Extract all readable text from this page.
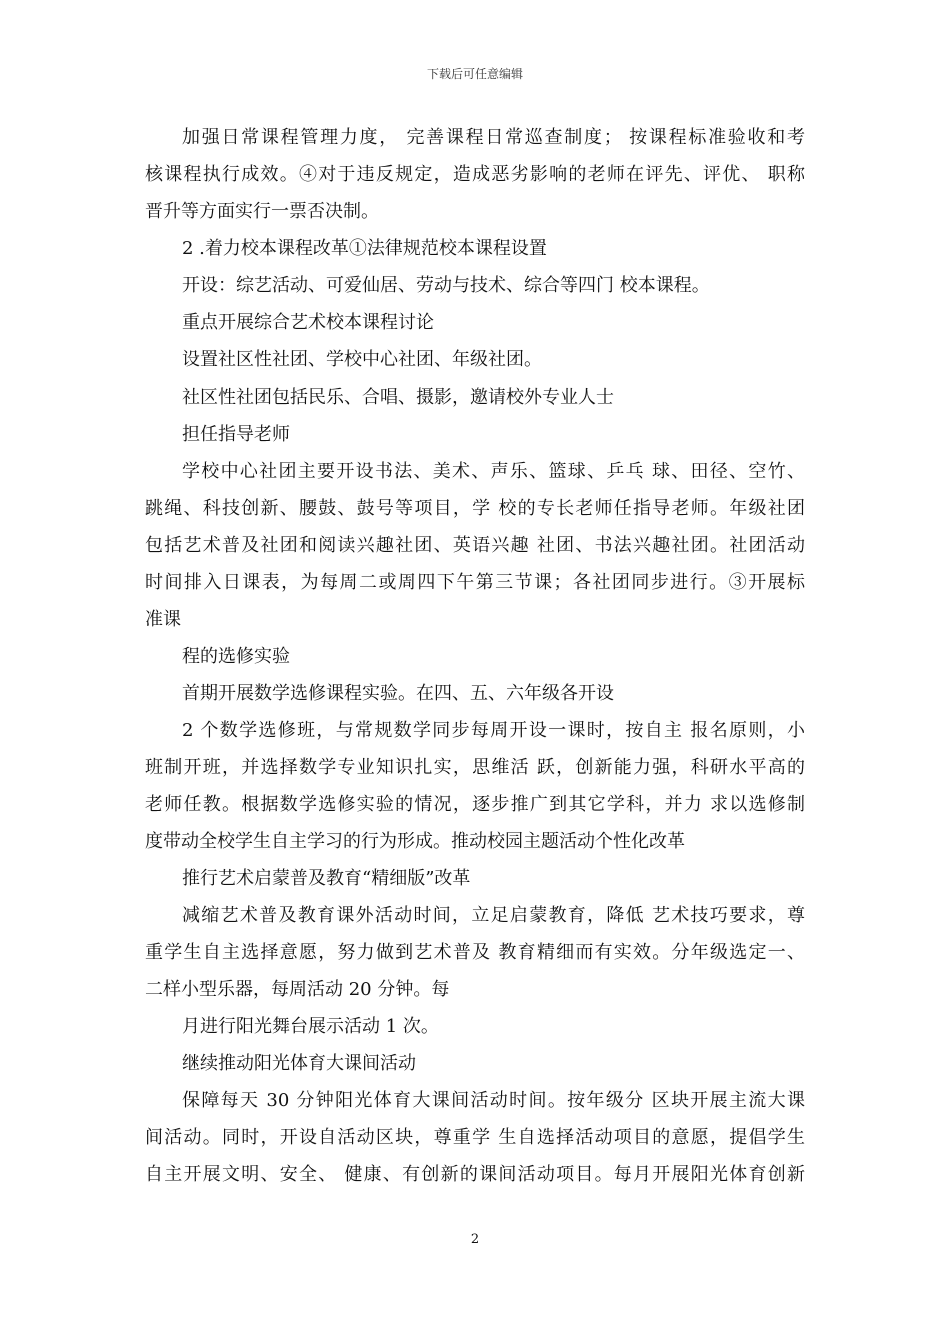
下载后可任意编辑
加强日常课程管理力度， 完善课程日常巡查制度； 按课程标准验收和考
核课程执行成效。④对于违反规定，造成恶劣影响的老师在评先、评优、 职称
晋升等方面实行一票否决制。
2 .着力校本课程改革①法律规范校本课程设置
开设：综艺活动、可爱仙居、劳动与技术、综合等四门 校本课程。
重点开展综合艺术校本课程讨论
设置社区性社团、学校中心社团、年级社团。
社区性社团包括民乐、合唱、摄影，邀请校外专业人士
担任指导老师
学校中心社团主要开设书法、美术、声乐、篮球、乒乓 球、田径、空竹、
跳绳、科技创新、腰鼓、鼓号等项目，学 校的专长老师任指导老师。年级社团
包括艺术普及社团和阅读兴趣社团、英语兴趣 社团、书法兴趣社团。社团活动
时间排入日课表，为每周二或周四下午第三节课；各社团同步进行。③开展标
准课
程的选修实验
首期开展数学选修课程实验。在四、五、六年级各开设
2 个数学选修班，与常规数学同步每周开设一课时，按自主 报名原则，小
班制开班，并选择数学专业知识扎实，思维活 跃，创新能力强，科研水平高的
老师任教。根据数学选修实验的情况，逐步推广到其它学科，并力 求以选修制
度带动全校学生自主学习的行为形成。推动校园主题活动个性化改革
推行艺术启蒙普及教育“精细版”改革
减缩艺术普及教育课外活动时间，立足启蒙教育，降低 艺术技巧要求，尊
重学生自主选择意愿，努力做到艺术普及 教育精细而有实效。分年级选定一、
二样小型乐器，每周活动 20 分钟。每
月进行阳光舞台展示活动 1 次。
继续推动阳光体育大课间活动
保障每天 30 分钟阳光体育大课间活动时间。按年级分 区块开展主流大课
间活动。同时，开设自活动区块，尊重学 生自选择活动项目的意愿，提倡学生
自主开展文明、安全、 健康、有创新的课间活动项目。每月开展阳光体育创新
2
